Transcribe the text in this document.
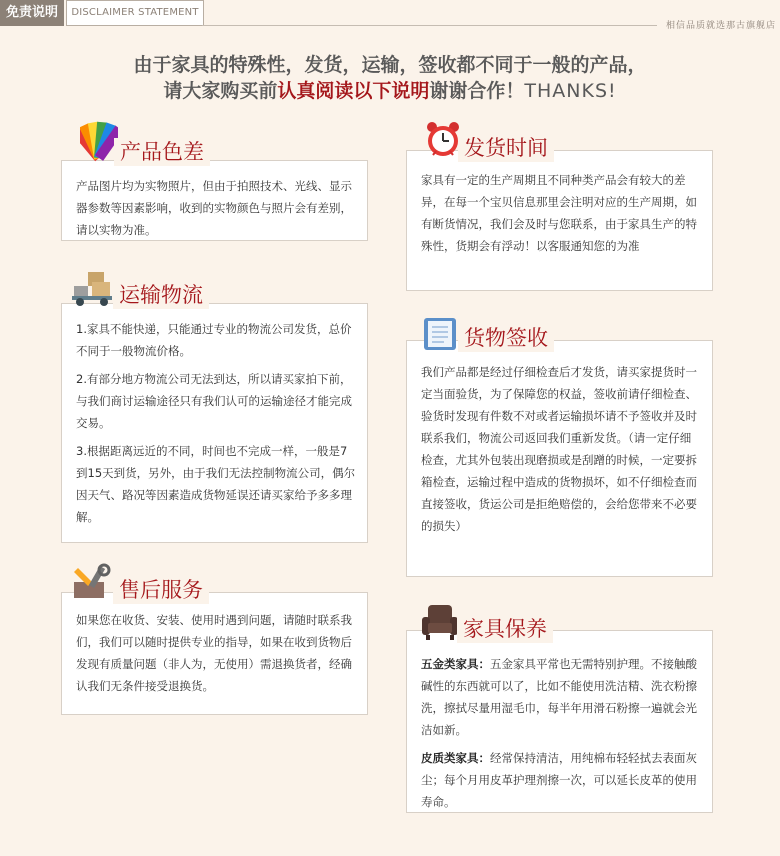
免责说明	DISCLAIMER STATEMENT
相信品质就选那古旗舰店
由于家具的特殊性，发货，运输，签收都不同于一般的产品，
请大家购买前认真阅读以下说明谢谢合作！THANKS!
产品图片均为实物照片，但由于拍照技术、光线、显示器参数等因素影响，收到的实物颜色与照片会有差别，请以实物为准。
产品色差
家具有一定的生产周期且不同种类产品会有较大的差异，在每一个宝贝信息那里会注明对应的生产周期，如有断货情况，我们会及时与您联系，由于家具生产的特殊性，货期会有浮动！以客服通知您的为准
发货时间

1.家具不能快递，只能通过专业的物流公司发货，总价不同于一般物流价格。

2.有部分地方物流公司无法到达，所以请买家拍下前，与我们商讨运输途径只有我们认可的运输途径才能完成交易。

3.根据距离远近的不同，时间也不完成一样，一般是7到15天到货，另外，由于我们无法控制物流公司，偶尔因天气、路况等因素造成货物延误还请买家给予多多理解。

运输物流
我们产品都是经过仔细检查后才发货，请买家提货时一定当面验货，为了保障您的权益，签收前请仔细检查、验货时发现有件数不对或者运输损坏请不予签收并及时联系我们，物流公司返回我们重新发货。（请一定仔细检查，尤其外包装出现磨损或是刮蹭的时候，一定要拆箱检查，运输过程中造成的货物损坏，如不仔细检查而直接签收，货运公司是拒绝赔偿的，会给您带来不必要的损失）
货物签收
如果您在收货、安装、使用时遇到问题，请随时联系我们，我们可以随时提供专业的指导，如果在收到货物后发现有质量问题（非人为，无使用）需退换货者，经确认我们无条件接受退换货。
售后服务

五金类家具：五金家具平常也无需特别护理。不接触酸碱性的东西就可以了，比如不能使用洗洁精、洗衣粉擦洗，擦拭尽量用湿毛巾，每半年用滑石粉擦一遍就会光洁如新。

皮质类家具：经常保持清洁，用纯棉布轻轻拭去表面灰尘；每个月用皮革护理剂擦一次，可以延长皮革的使用寿命。

家具保养
